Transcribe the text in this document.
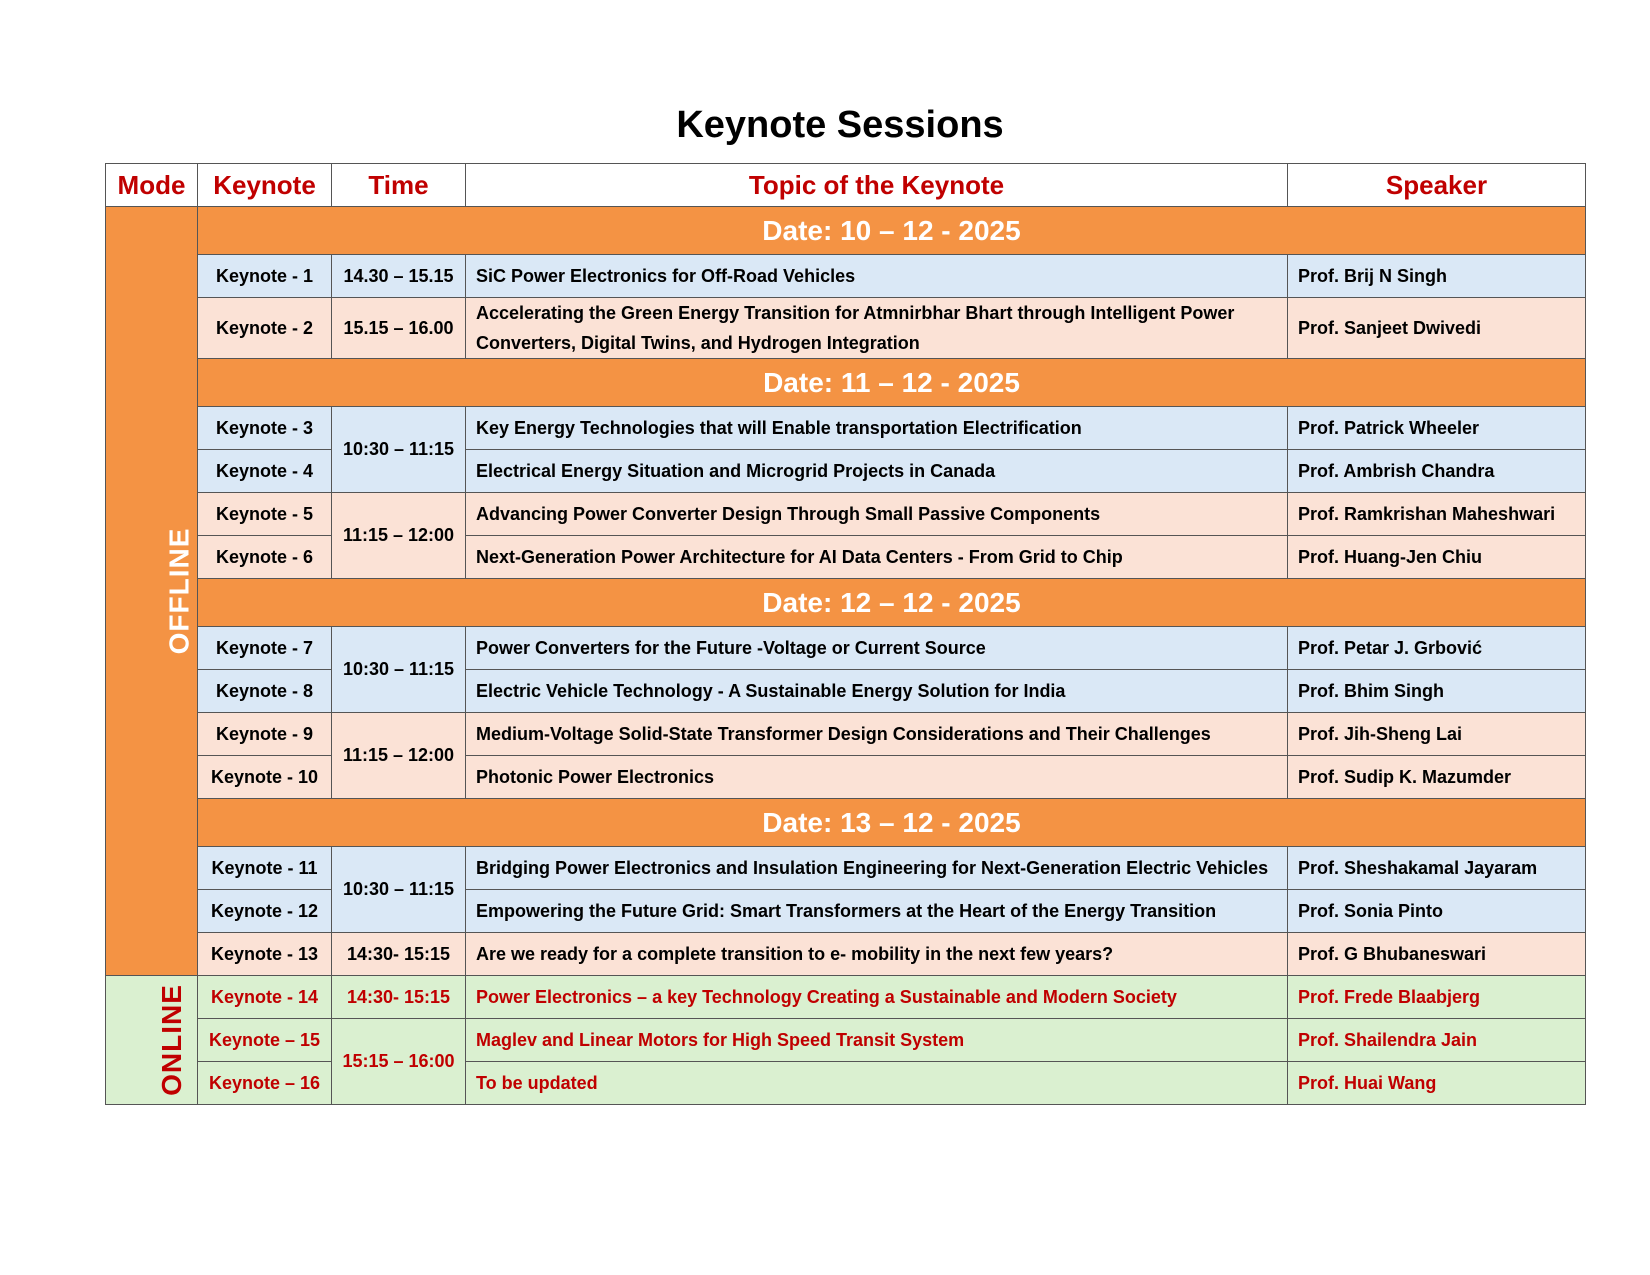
Keynote Sessions
Mode	Keynote	Time	Topic of the Keynote	Speaker
OFFLINE	Date: 10 – 12 - 2025			
	Keynote - 1	14.30 – 15.15	SiC Power Electronics for Off-Road Vehicles	Prof. Brij N Singh
	Keynote - 2	15.15 – 16.00	Accelerating the Green Energy Transition for Atmnirbhar Bhart through Intelligent Power Converters, Digital Twins, and Hydrogen Integration	Prof. Sanjeet Dwivedi
	Date: 11 – 12 - 2025			
	Keynote - 3	10:30 – 11:15	Key Energy Technologies that will Enable transportation Electrification	Prof. Patrick Wheeler
	Keynote - 4		Electrical Energy Situation and Microgrid Projects in Canada	Prof. Ambrish Chandra
	Keynote - 5	11:15 – 12:00	Advancing Power Converter Design Through Small Passive Components	Prof. Ramkrishan Maheshwari
	Keynote - 6		Next-Generation Power Architecture for AI Data Centers - From Grid to Chip	Prof. Huang-Jen Chiu
	Date: 12 – 12 - 2025			
	Keynote - 7	10:30 – 11:15	Power Converters for the Future -Voltage or Current Source	Prof. Petar J. Grbović
	Keynote - 8		Electric Vehicle Technology - A Sustainable Energy Solution for India	Prof. Bhim Singh
	Keynote - 9	11:15 – 12:00	Medium-Voltage Solid-State Transformer Design Considerations and Their Challenges	Prof. Jih-Sheng Lai
	Keynote - 10		Photonic Power Electronics	Prof. Sudip K. Mazumder
	Date: 13 – 12 - 2025			
	Keynote - 11	10:30 – 11:15	Bridging Power Electronics and Insulation Engineering for Next-Generation Electric Vehicles	Prof. Sheshakamal Jayaram
	Keynote - 12		Empowering the Future Grid: Smart Transformers at the Heart of the Energy Transition	Prof. Sonia Pinto
	Keynote - 13	14:30- 15:15	Are we ready for a complete transition to e- mobility in the next few years?	Prof. G Bhubaneswari
ONLINE	Keynote - 14	14:30- 15:15	Power Electronics – a key Technology Creating a Sustainable and Modern Society	Prof. Frede Blaabjerg
	Keynote – 15	15:15 – 16:00	Maglev and Linear Motors for High Speed Transit System	Prof. Shailendra Jain
	Keynote – 16		To be updated	Prof. Huai Wang
